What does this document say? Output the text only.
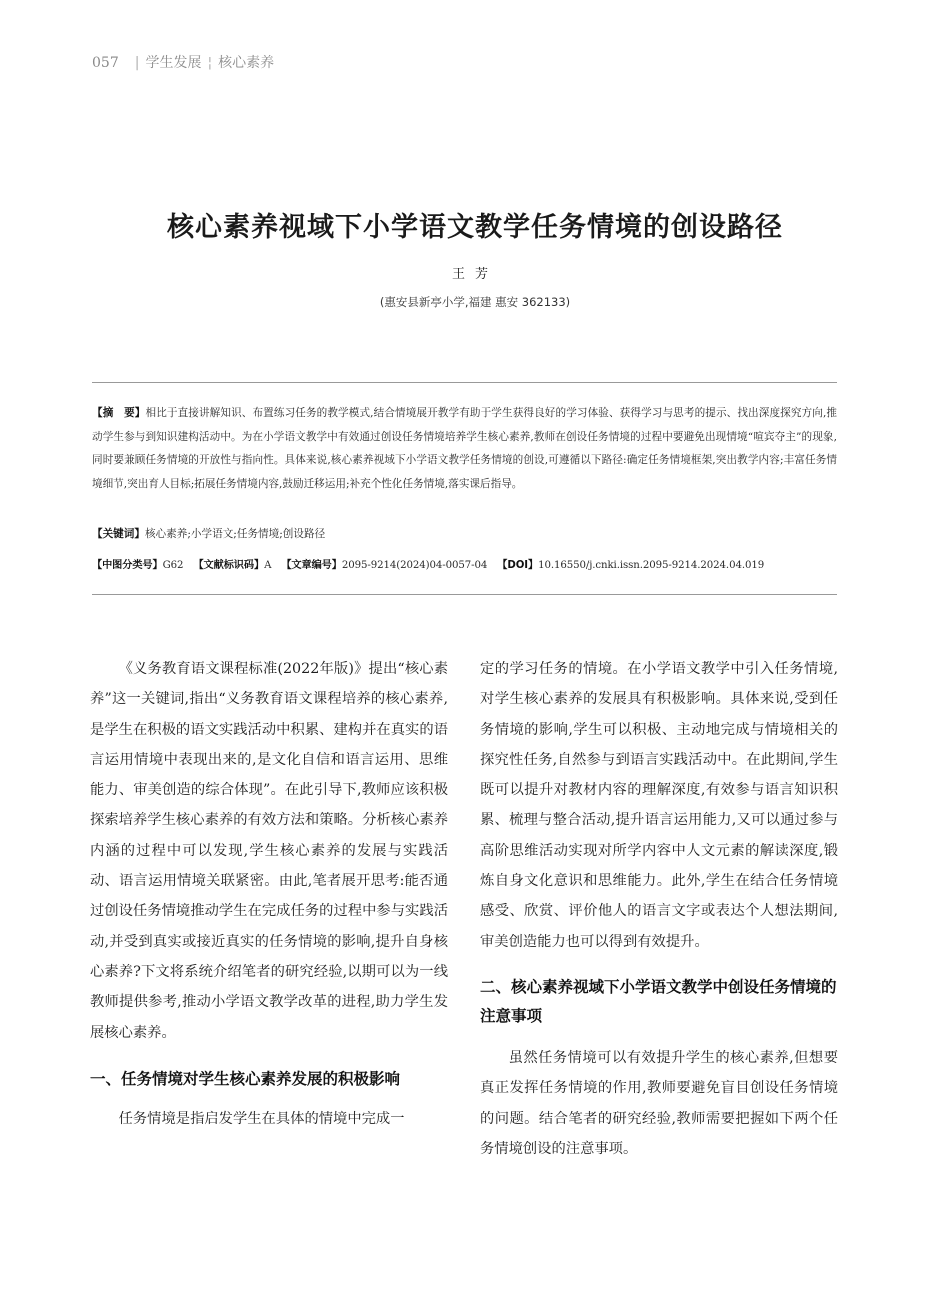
057 | 学生发展 ¦ 核心素养
核心素养视域下小学语文教学任务情境的创设路径
王芳
(惠安县新亭小学,福建 惠安 362133)
【摘　要】相比于直接讲解知识、布置练习任务的教学模式,结合情境展开教学有助于学生获得良好的学习体验、获得学习与思考的提示、找出深度探究方向,推动学生参与到知识建构活动中。为在小学语文教学中有效通过创设任务情境培养学生核心素养,教师在创设任务情境的过程中要避免出现情境“喧宾夺主”的现象,同时要兼顾任务情境的开放性与指向性。具体来说,核心素养视域下小学语文教学任务情境的创设,可遵循以下路径:确定任务情境框架,突出教学内容;丰富任务情境细节,突出育人目标;拓展任务情境内容,鼓励迁移运用;补充个性化任务情境,落实课后指导。
【关键词】核心素养;小学语文;任务情境;创设路径
【中图分类号】G62 【文献标识码】A 【文章编号】2095-9214(2024)04-0057-04 【DOI】10.16550/j.cnki.issn.2095-9214.2024.04.019

《义务教育语文课程标准(2022年版)》提出“核心素养”这一关键词,指出“义务教育语文课程培养的核心素养,是学生在积极的语文实践活动中积累、建构并在真实的语言运用情境中表现出来的,是文化自信和语言运用、思维能力、审美创造的综合体现”。在此引导下,教师应该积极探索培养学生核心素养的有效方法和策略。分析核心素养内涵的过程中可以发现,学生核心素养的发展与实践活动、语言运用情境关联紧密。由此,笔者展开思考:能否通过创设任务情境推动学生在完成任务的过程中参与实践活动,并受到真实或接近真实的任务情境的影响,提升自身核心素养?下文将系统介绍笔者的研究经验,以期可以为一线教师提供参考,推动小学语文教学改革的进程,助力学生发展核心素养。

一、任务情境对学生核心素养发展的积极影响

任务情境是指启发学生在具体的情境中完成一

定的学习任务的情境。在小学语文教学中引入任务情境,对学生核心素养的发展具有积极影响。具体来说,受到任务情境的影响,学生可以积极、主动地完成与情境相关的探究性任务,自然参与到语言实践活动中。在此期间,学生既可以提升对教材内容的理解深度,有效参与语言知识积累、梳理与整合活动,提升语言运用能力,又可以通过参与高阶思维活动实现对所学内容中人文元素的解读深度,锻炼自身文化意识和思维能力。此外,学生在结合任务情境感受、欣赏、评价他人的语言文字或表达个人想法期间,审美创造能力也可以得到有效提升。

二、核心素养视域下小学语文教学中创设任务情境的注意事项

虽然任务情境可以有效提升学生的核心素养,但想要真正发挥任务情境的作用,教师要避免盲目创设任务情境的问题。结合笔者的研究经验,教师需要把握如下两个任务情境创设的注意事项。
